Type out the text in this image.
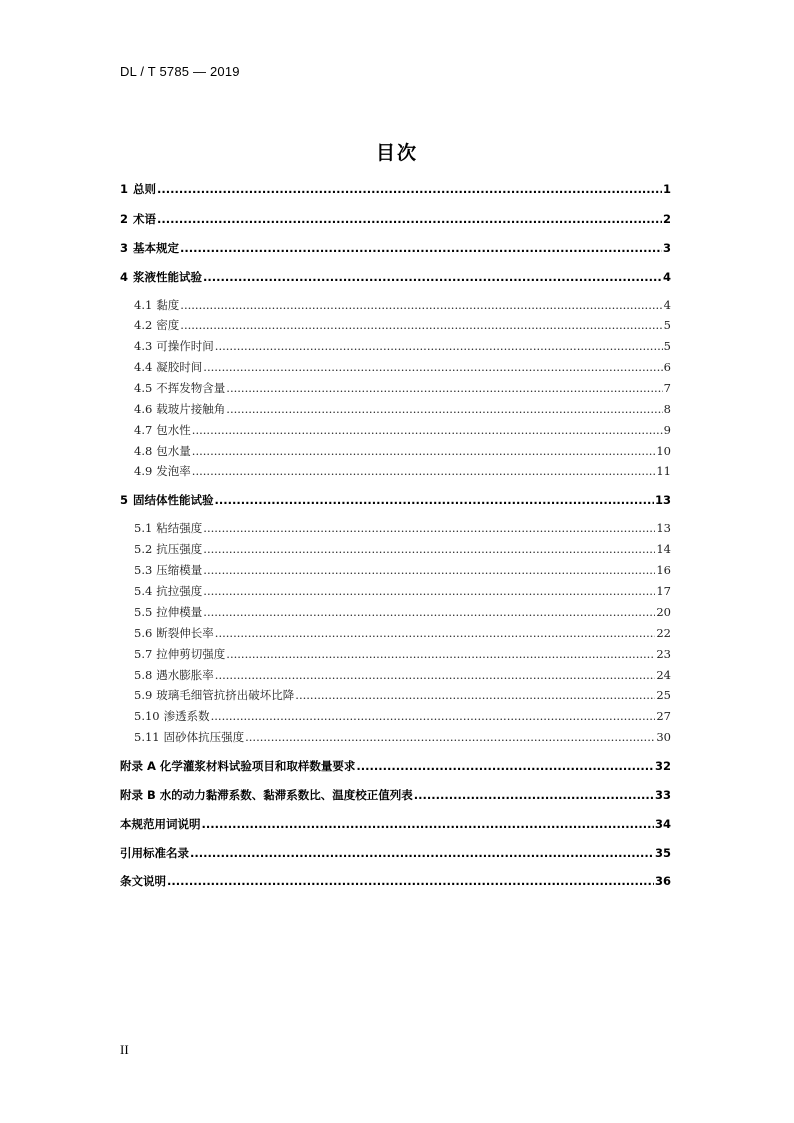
DL / T 5785 — 2019
目次
1 总则 .....	1
2 术语 .....	2
3 基本规定 .....	3
4 浆液性能试验 .....	4
4.1 黏度 .....	4
4.2 密度 .....	5
4.3 可操作时间 .....	5
4.4 凝胶时间 .....	6
4.5 不挥发物含量 .....	7
4.6 载玻片接触角 .....	8
4.7 包水性 .....	9
4.8 包水量 .....	10
4.9 发泡率 .....	11
5 固结体性能试验 .....	13
5.1 粘结强度 .....	13
5.2 抗压强度 .....	14
5.3 压缩模量 .....	16
5.4 抗拉强度 .....	17
5.5 拉伸模量 .....	20
5.6 断裂伸长率 .....	22
5.7 拉伸剪切强度 .....	23
5.8 遇水膨胀率 .....	24
5.9 玻璃毛细管抗挤出破坏比降 .....	25
5.10 渗透系数 .....	27
5.11 固砂体抗压强度 .....	30
附录 A 化学灌浆材料试验项目和取样数量要求 .....	32
附录 B 水的动力黏滞系数、黏滞系数比、温度校正值列表 .....	33
本规范用词说明 .....	34
引用标准名录 .....	35
条文说明 .....	36
II
